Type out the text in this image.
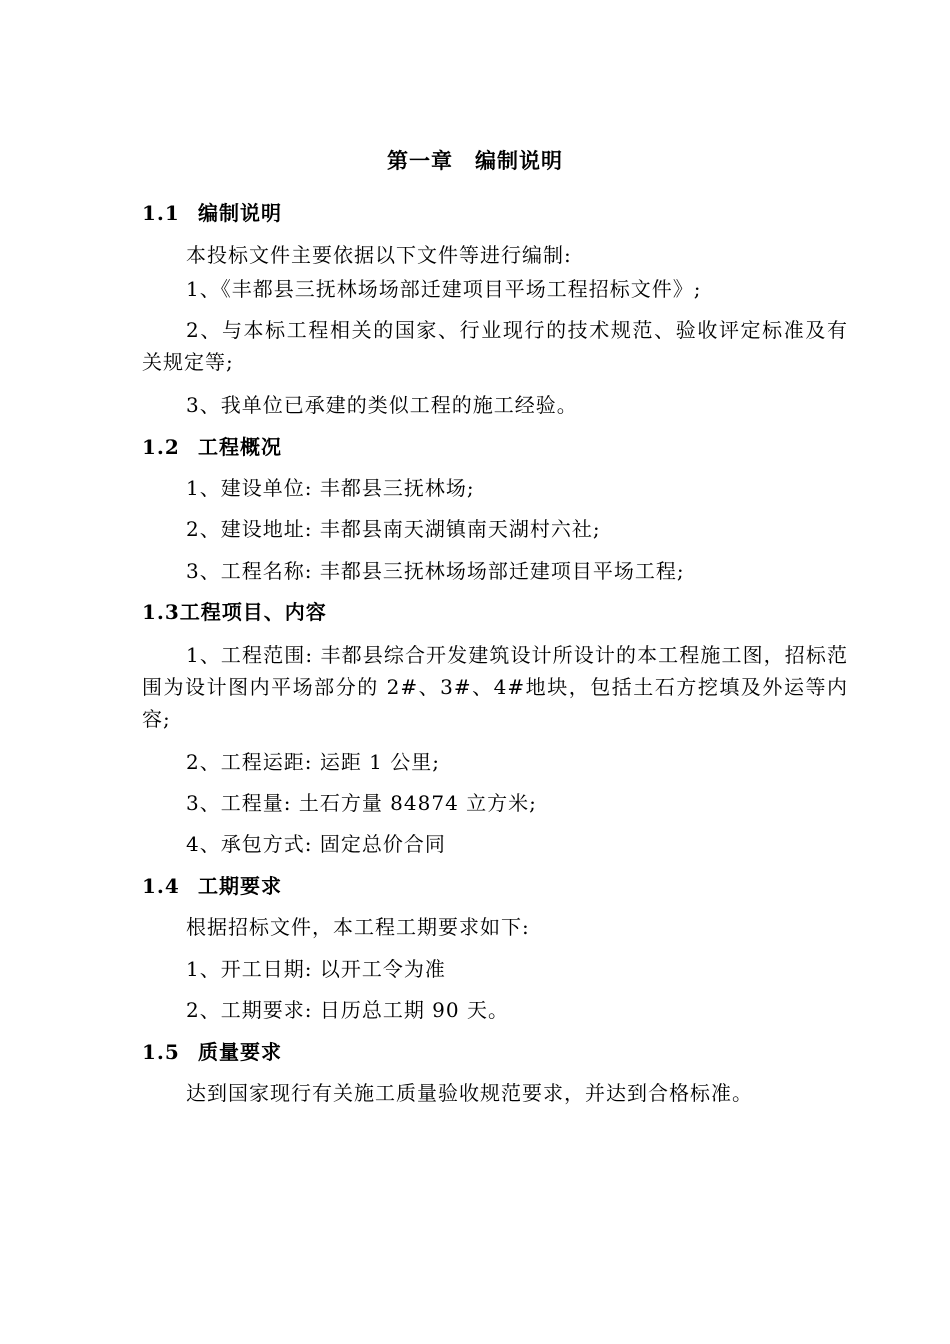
第一章 编制说明
1.1 编制说明
本投标文件主要依据以下文件等进行编制:
1、《丰都县三抚林场场部迁建项目平场工程招标文件》;
2、与本标工程相关的国家、行业现行的技术规范、验收评定标准及有关规定等;
3、我单位已承建的类似工程的施工经验。
1.2 工程概况
1、建设单位: 丰都县三抚林场;
2、建设地址: 丰都县南天湖镇南天湖村六社;
3、工程名称: 丰都县三抚林场场部迁建项目平场工程;
1.3工程项目、内容
1、工程范围: 丰都县综合开发建筑设计所设计的本工程施工图，招标范围为设计图内平场部分的 2#、3#、4#地块，包括土石方挖填及外运等内容;
2、工程运距: 运距 1 公里;
3、工程量: 土石方量 84874 立方米;
4、承包方式: 固定总价合同
1.4 工期要求
根据招标文件，本工程工期要求如下:
1、开工日期: 以开工令为准
2、工期要求: 日历总工期 90 天。
1.5 质量要求
达到国家现行有关施工质量验收规范要求，并达到合格标准。
